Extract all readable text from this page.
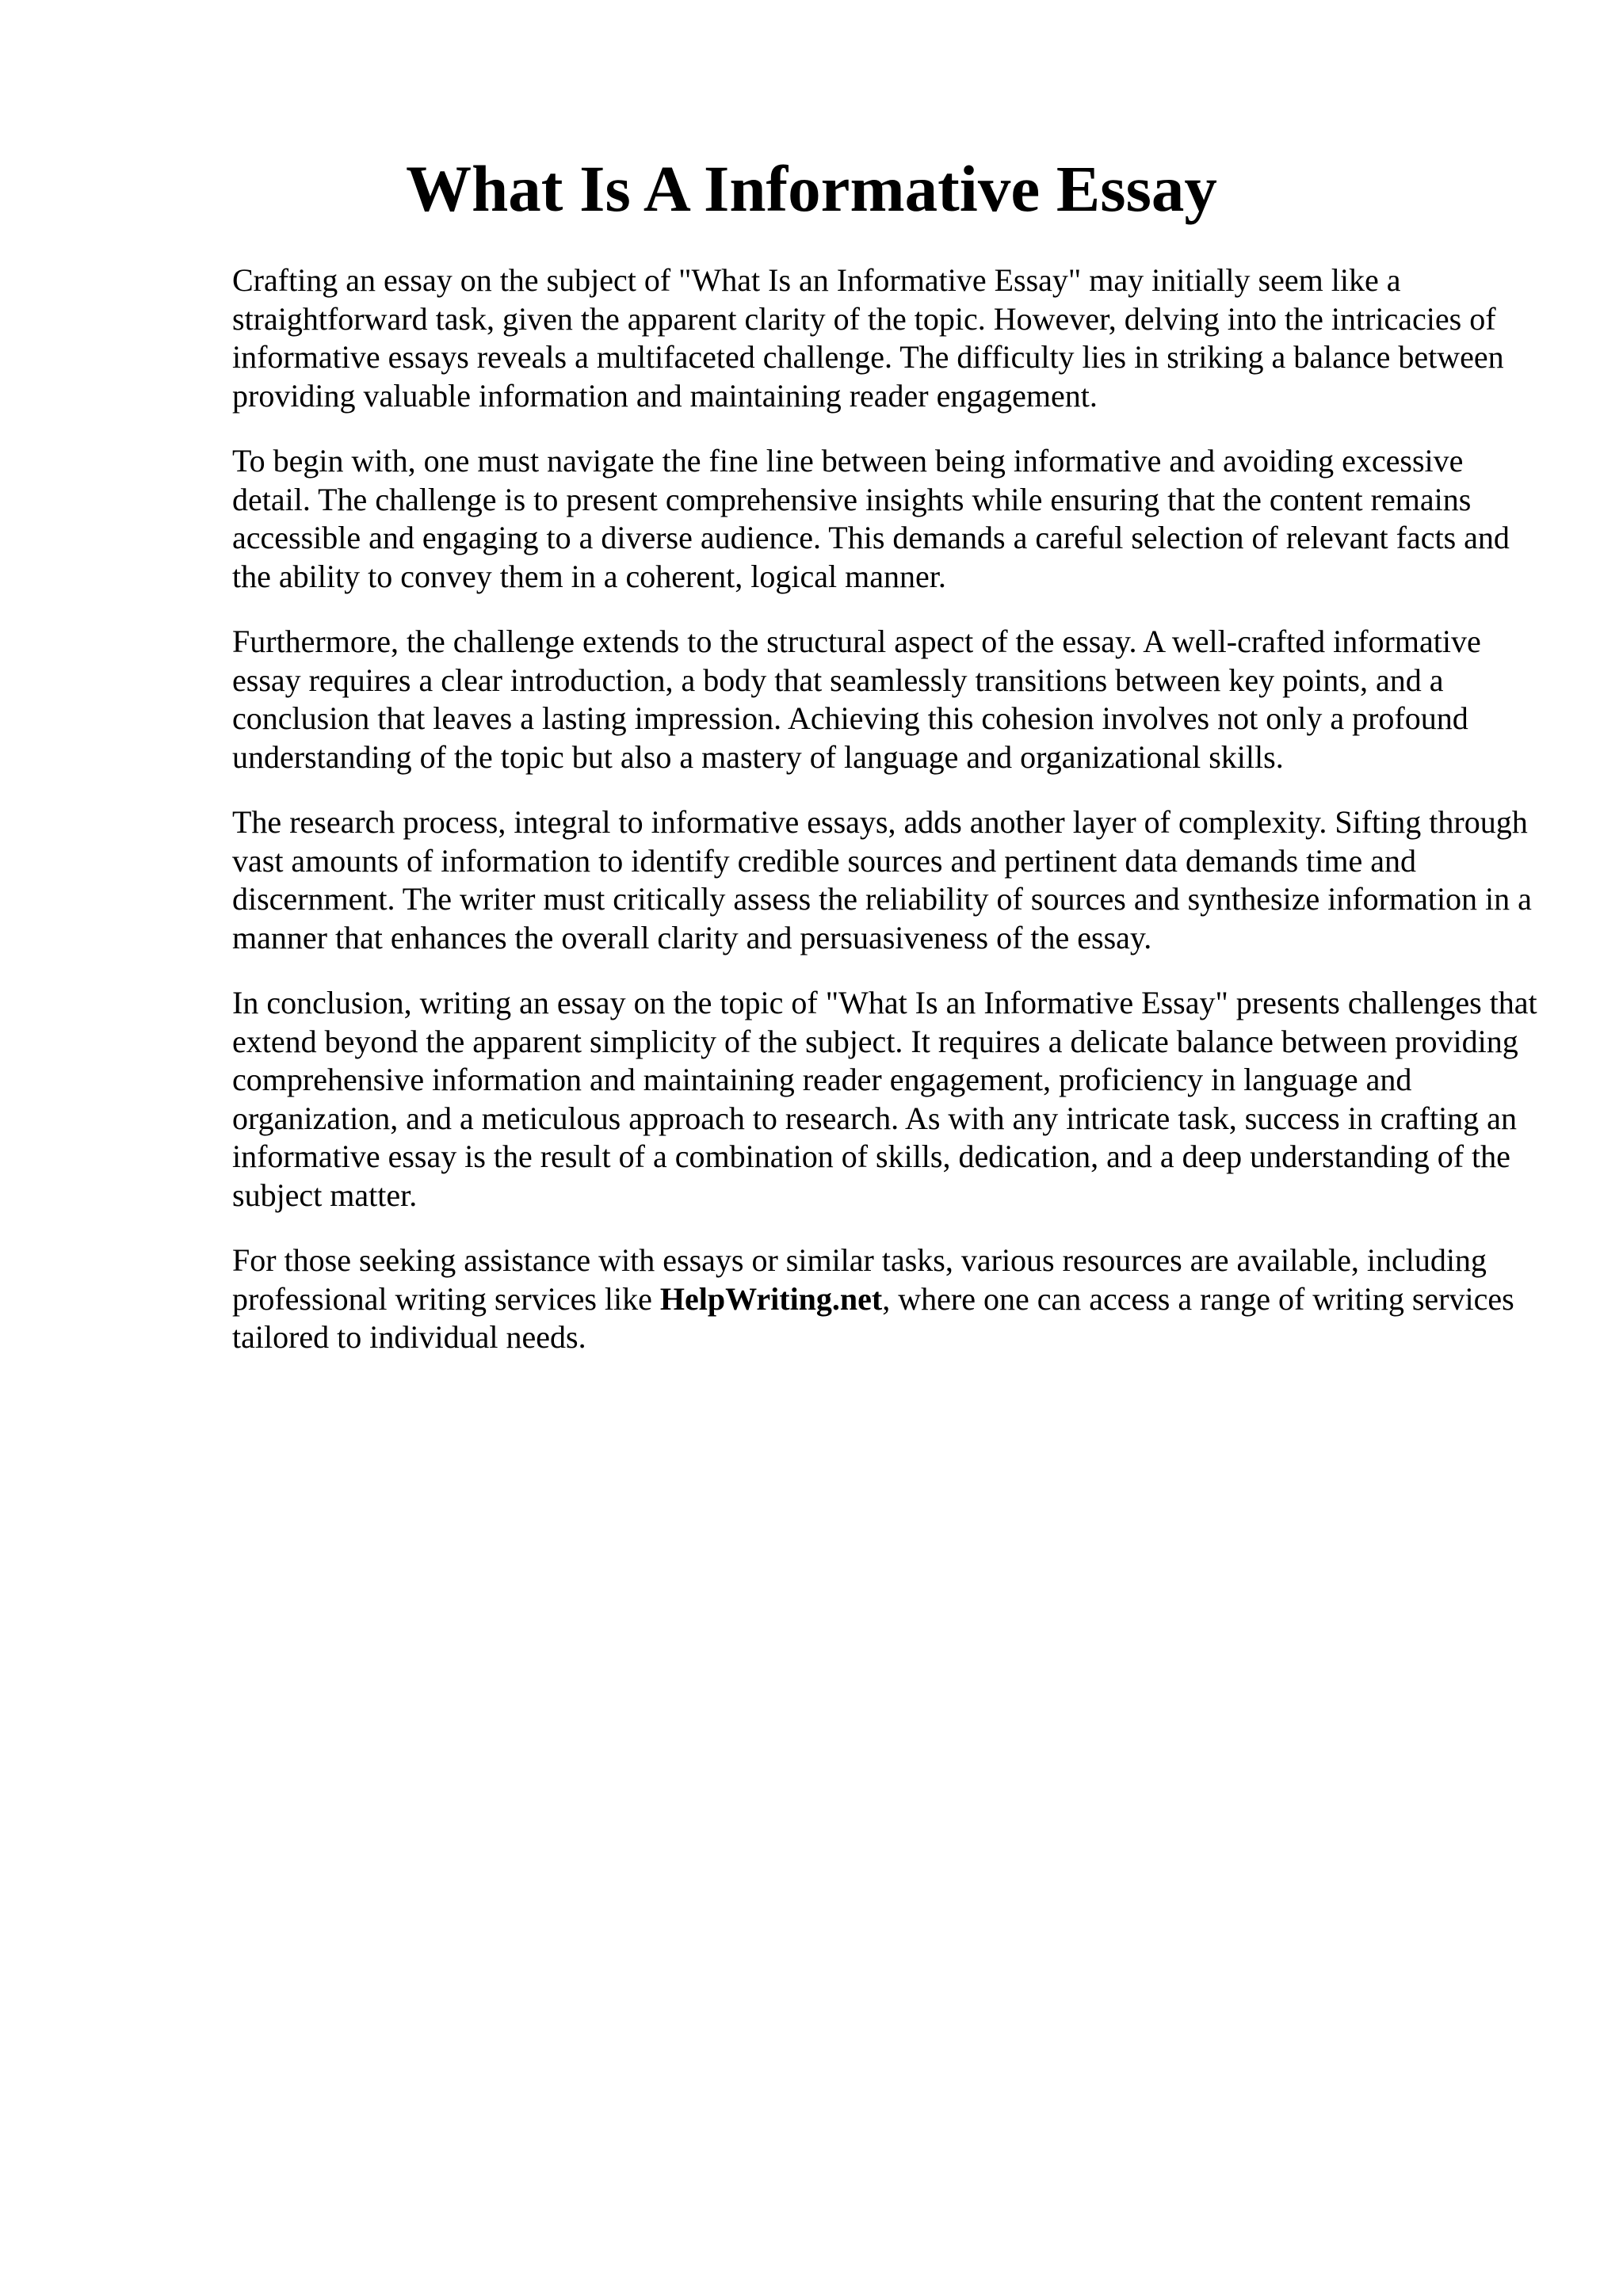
What Is A Informative Essay

Crafting an essay on the subject of "What Is an Informative Essay" may initially seem like a straightforward task, given the apparent clarity of the topic. However, delving into the intricacies of informative essays reveals a multifaceted challenge. The difficulty lies in striking a balance between providing valuable information and maintaining reader engagement.

To begin with, one must navigate the fine line between being informative and avoiding excessive detail. The challenge is to present comprehensive insights while ensuring that the content remains accessible and engaging to a diverse audience. This demands a careful selection of relevant facts and the ability to convey them in a coherent, logical manner.

Furthermore, the challenge extends to the structural aspect of the essay. A well-crafted informative essay requires a clear introduction, a body that seamlessly transitions between key points, and a conclusion that leaves a lasting impression. Achieving this cohesion involves not only a profound understanding of the topic but also a mastery of language and organizational skills.

The research process, integral to informative essays, adds another layer of complexity. Sifting through vast amounts of information to identify credible sources and pertinent data demands time and discernment. The writer must critically assess the reliability of sources and synthesize information in a manner that enhances the overall clarity and persuasiveness of the essay.

In conclusion, writing an essay on the topic of "What Is an Informative Essay" presents challenges that extend beyond the apparent simplicity of the subject. It requires a delicate balance between providing comprehensive information and maintaining reader engagement, proficiency in language and organization, and a meticulous approach to research. As with any intricate task, success in crafting an informative essay is the result of a combination of skills, dedication, and a deep understanding of the subject matter.

For those seeking assistance with essays or similar tasks, various resources are available, including professional writing services like HelpWriting.net, where one can access a range of writing services tailored to individual needs.
